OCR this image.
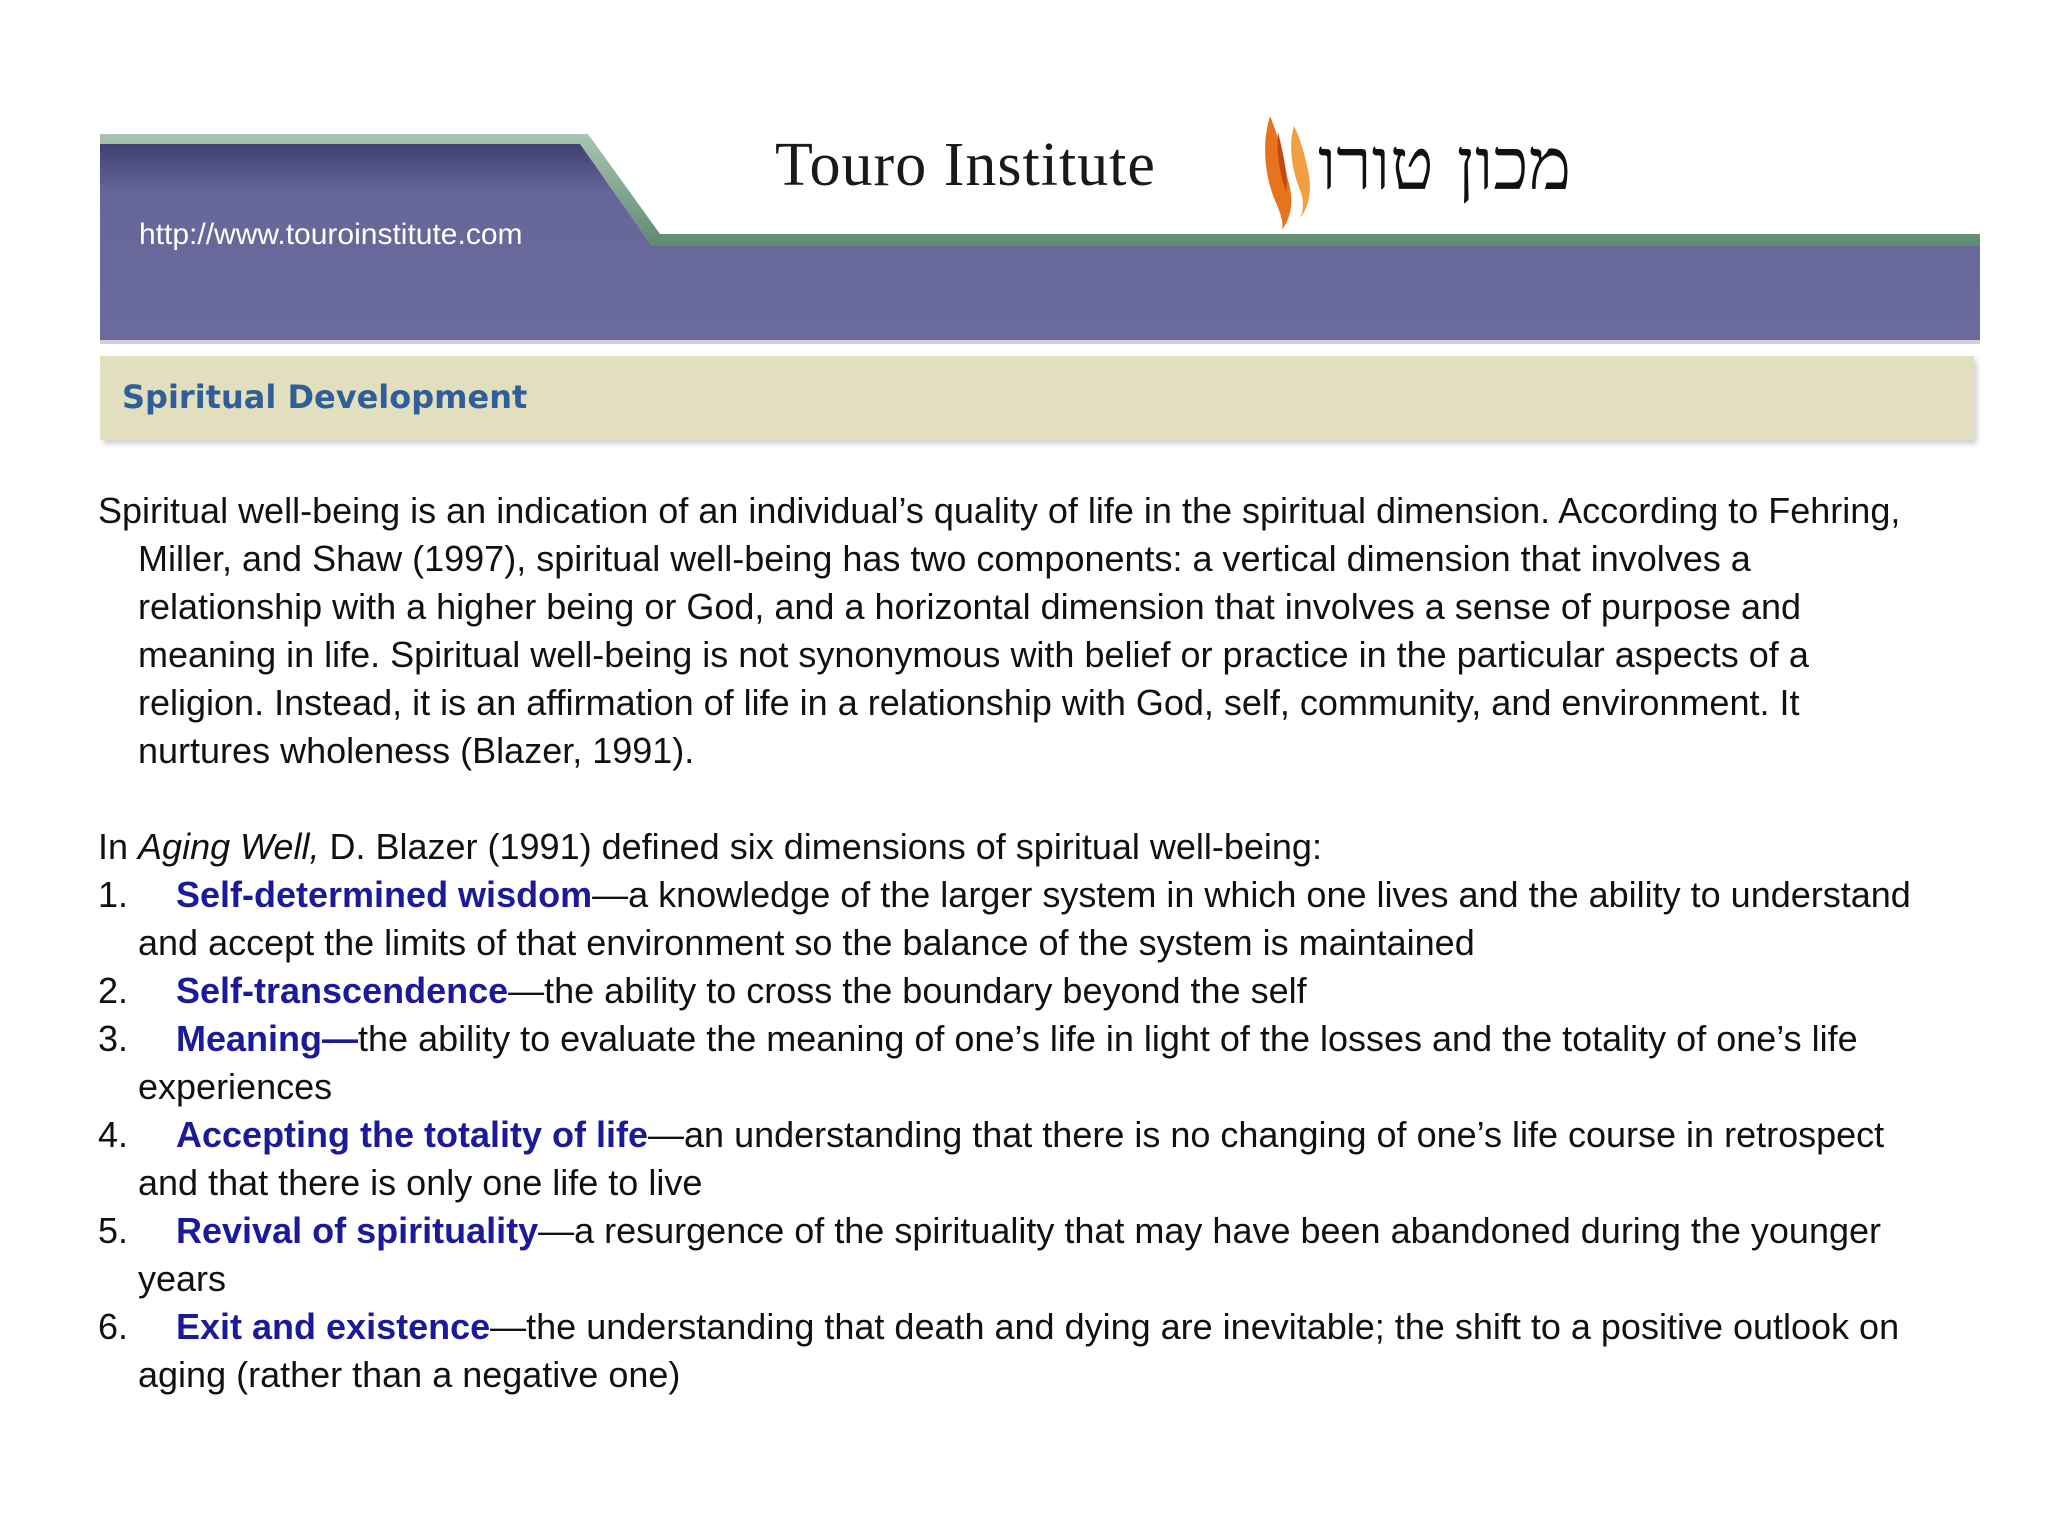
http://www.touroinstitute.com
Touro Institute מכון טורו
Spiritual Development

Spiritual well-being is an indication of an individual’s quality of life in the spiritual dimension. According to Fehring, Miller, and Shaw (1997), spiritual well-being has two components: a vertical dimension that involves a relationship with a higher being or God, and a horizontal dimension that involves a sense of purpose and meaning in life. Spiritual well-being is not synonymous with belief or practice in the particular aspects of a religion. Instead, it is an affirmation of life in a relationship with God, self, community, and environment. It nurtures wholeness (Blazer, 1991).

In Aging Well, D. Blazer (1991) defined six dimensions of spiritual well-being:

1. Self-determined wisdom—a knowledge of the larger system in which one lives and the ability to understand and accept the limits of that environment so the balance of the system is maintained
2. Self-transcendence—the ability to cross the boundary beyond the self
3. Meaning—the ability to evaluate the meaning of one’s life in light of the losses and the totality of one’s life experiences
4. Accepting the totality of life—an understanding that there is no changing of one’s life course in retrospect and that there is only one life to live
5. Revival of spirituality—a resurgence of the spirituality that may have been abandoned during the younger years
6. Exit and existence—the understanding that death and dying are inevitable; the shift to a positive outlook on aging (rather than a negative one)
